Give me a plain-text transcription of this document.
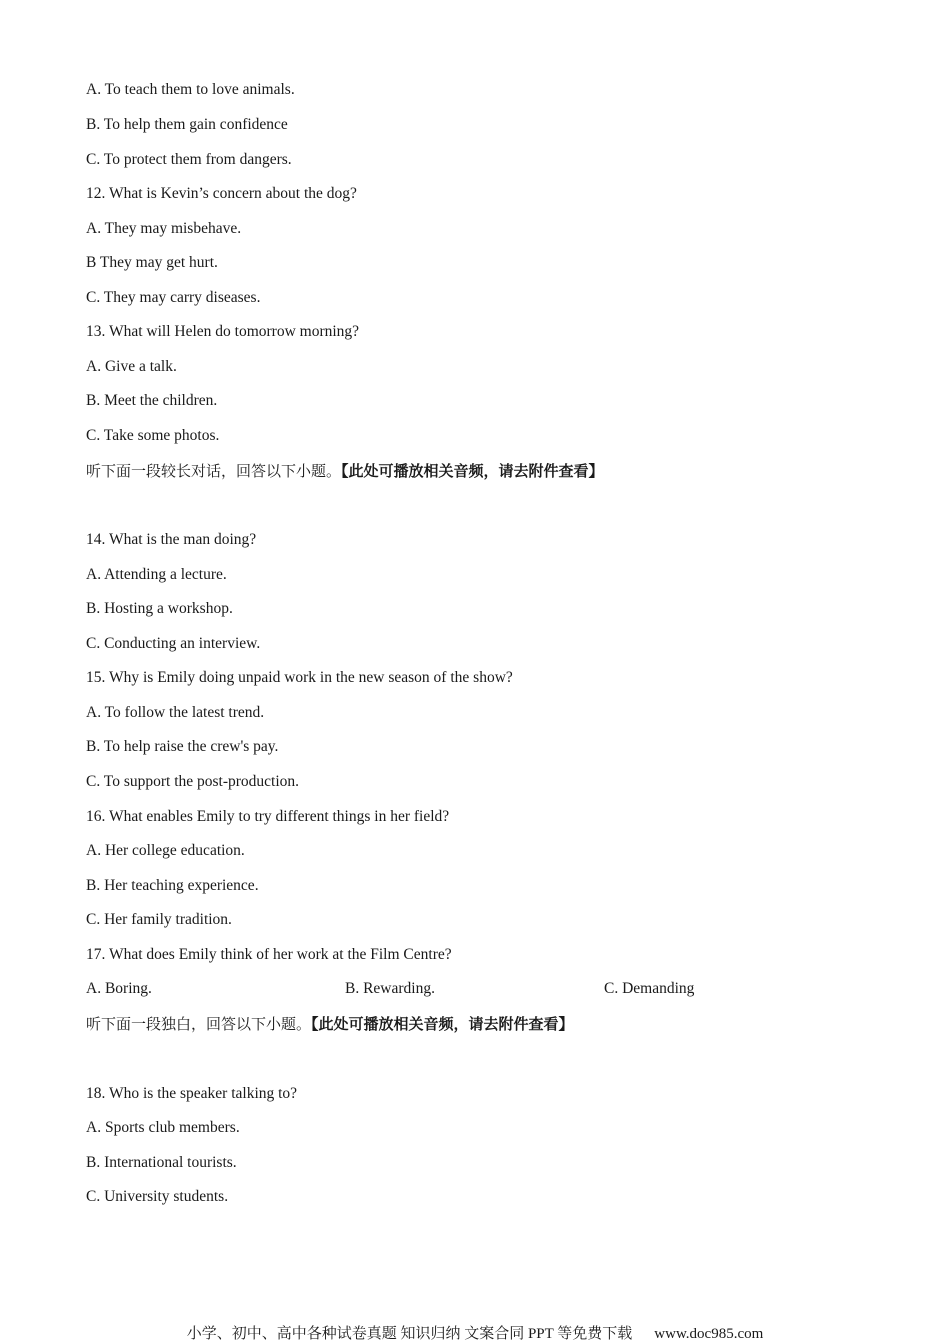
A. To teach them to love animals.
B. To help them gain confidence
C. To protect them from dangers.
12. What is Kevin’s concern about the dog?
A. They may misbehave.
B They may get hurt.
C. They may carry diseases.
13. What will Helen do tomorrow morning?
A. Give a talk.
B. Meet the children.
C. Take some photos.
听下面一段较长对话，回答以下小题。【此处可播放相关音频，请去附件查看】
14. What is the man doing?
A. Attending a lecture.
B. Hosting a workshop.
C. Conducting an interview.
15. Why is Emily doing unpaid work in the new season of the show?
A. To follow the latest trend.
B. To help raise the crew's pay.
C. To support the post-production.
16. What enables Emily to try different things in her field?
A. Her college education.
B. Her teaching experience.
C. Her family tradition.
17. What does Emily think of her work at the Film Centre?
A. Boring.	B. Rewarding.	C. Demanding
听下面一段独白，回答以下小题。【此处可播放相关音频，请去附件查看】
18. Who is the speaker talking to?
A. Sports club members.
B. International tourists.
C. University students.
小学、初中、高中各种试卷真题 知识归纳 文案合同 PPT 等免费下载 www.doc985.com
